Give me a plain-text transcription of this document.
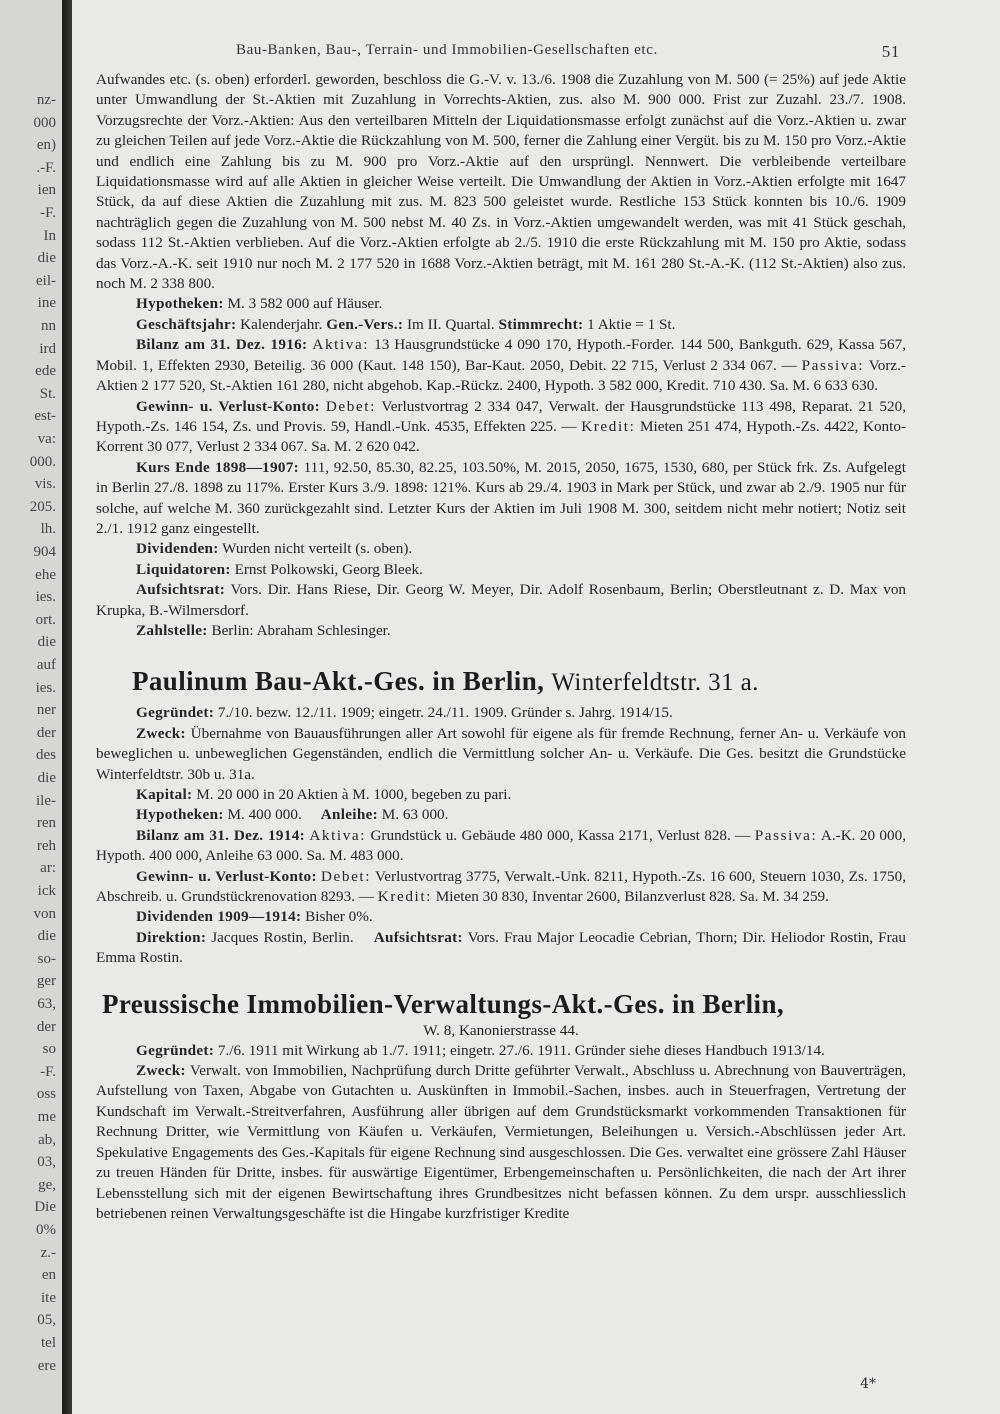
nz-
000
en)
.-F.
ien
-F.
In
die
eil-
ine
nn
ird
ede
St.
est-
va:
000.
vis.
205.
lh.
904
ehe
ies.
ort.
die
auf
ies.
ner
der
des
die
ile-
ren
reh
ar:
ick
von
die
so-
ger
63,
der
so
-F.
oss
me
ab,
03,
ge,
Die
0%
z.-
en
ite
05,
tel
ere
Bau-Banken, Bau-, Terrain- und Immobilien-Gesellschaften etc.	51

Aufwandes etc. (s. oben) erforderl. geworden, beschloss die G.-V. v. 13./6. 1908 die Zuzahlung von M. 500 (= 25%) auf jede Aktie unter Umwandlung der St.-Aktien mit Zuzahlung in Vorrechts-Aktien, zus. also M. 900 000. Frist zur Zuzahl. 23./7. 1908. Vorzugsrechte der Vorz.-Aktien: Aus den verteilbaren Mitteln der Liquidationsmasse erfolgt zunächst auf die Vorz.-Aktien u. zwar zu gleichen Teilen auf jede Vorz.-Aktie die Rückzahlung von M. 500, ferner die Zahlung einer Vergüt. bis zu M. 150 pro Vorz.-Aktie und endlich eine Zahlung bis zu M. 900 pro Vorz.-Aktie auf den ursprüngl. Nennwert. Die verbleibende verteilbare Liquidationsmasse wird auf alle Aktien in gleicher Weise verteilt. Die Umwandlung der Aktien in Vorz.-Aktien erfolgte mit 1647 Stück, da auf diese Aktien die Zuzahlung mit zus. M. 823 500 geleistet wurde. Restliche 153 Stück konnten bis 10./6. 1909 nachträglich gegen die Zuzahlung von M. 500 nebst M. 40 Zs. in Vorz.-Aktien umgewandelt werden, was mit 41 Stück geschah, sodass 112 St.-Aktien verblieben. Auf die Vorz.-Aktien erfolgte ab 2./5. 1910 die erste Rückzahlung mit M. 150 pro Aktie, sodass das Vorz.-A.-K. seit 1910 nur noch M. 2 177 520 in 1688 Vorz.-Aktien beträgt, mit M. 161 280 St.-A.-K. (112 St.-Aktien) also zus. noch M. 2 338 800.

Hypotheken: M. 3 582 000 auf Häuser.

Geschäftsjahr: Kalenderjahr. Gen.-Vers.: Im II. Quartal. Stimmrecht: 1 Aktie = 1 St.

Bilanz am 31. Dez. 1916: Aktiva: 13 Hausgrundstücke 4 090 170, Hypoth.-Forder. 144 500, Bankguth. 629, Kassa 567, Mobil. 1, Effekten 2930, Beteilig. 36 000 (Kaut. 148 150), Bar-Kaut. 2050, Debit. 22 715, Verlust 2 334 067. — Passiva: Vorz.-Aktien 2 177 520, St.-Aktien 161 280, nicht abgehob. Kap.-Rückz. 2400, Hypoth. 3 582 000, Kredit. 710 430. Sa. M. 6 633 630.

Gewinn- u. Verlust-Konto: Debet: Verlustvortrag 2 334 047, Verwalt. der Hausgrundstücke 113 498, Reparat. 21 520, Hypoth.-Zs. 146 154, Zs. und Provis. 59, Handl.-Unk. 4535, Effekten 225. — Kredit: Mieten 251 474, Hypoth.-Zs. 4422, Konto-Korrent 30 077, Verlust 2 334 067. Sa. M. 2 620 042.

Kurs Ende 1898—1907: 111, 92.50, 85.30, 82.25, 103.50%, M. 2015, 2050, 1675, 1530, 680, per Stück frk. Zs. Aufgelegt in Berlin 27./8. 1898 zu 117%. Erster Kurs 3./9. 1898: 121%. Kurs ab 29./4. 1903 in Mark per Stück, und zwar ab 2./9. 1905 nur für solche, auf welche M. 360 zurückgezahlt sind. Letzter Kurs der Aktien im Juli 1908 M. 300, seitdem nicht mehr notiert; Notiz seit 2./1. 1912 ganz eingestellt.

Dividenden: Wurden nicht verteilt (s. oben).

Liquidatoren: Ernst Polkowski, Georg Bleek.

Aufsichtsrat: Vors. Dir. Hans Riese, Dir. Georg W. Meyer, Dir. Adolf Rosenbaum, Berlin; Oberstleutnant z. D. Max von Krupka, B.-Wilmersdorf.

Zahlstelle: Berlin: Abraham Schlesinger.

Paulinum Bau-Akt.-Ges. in Berlin, Winterfeldtstr. 31 a.

Gegründet: 7./10. bezw. 12./11. 1909; eingetr. 24./11. 1909. Gründer s. Jahrg. 1914/15.

Zweck: Übernahme von Bauausführungen aller Art sowohl für eigene als für fremde Rechnung, ferner An- u. Verkäufe von beweglichen u. unbeweglichen Gegenständen, endlich die Vermittlung solcher An- u. Verkäufe. Die Ges. besitzt die Grundstücke Winterfeldtstr. 30b u. 31a.

Kapital: M. 20 000 in 20 Aktien à M. 1000, begeben zu pari.

Hypotheken: M. 400 000. Anleihe: M. 63 000.

Bilanz am 31. Dez. 1914: Aktiva: Grundstück u. Gebäude 480 000, Kassa 2171, Verlust 828. — Passiva: A.-K. 20 000, Hypoth. 400 000, Anleihe 63 000. Sa. M. 483 000.

Gewinn- u. Verlust-Konto: Debet: Verlustvortrag 3775, Verwalt.-Unk. 8211, Hypoth.-Zs. 16 600, Steuern 1030, Zs. 1750, Abschreib. u. Grundstückrenovation 8293. — Kredit: Mieten 30 830, Inventar 2600, Bilanzverlust 828. Sa. M. 34 259.

Dividenden 1909—1914: Bisher 0%.

Direktion: Jacques Rostin, Berlin. Aufsichtsrat: Vors. Frau Major Leocadie Cebrian, Thorn; Dir. Heliodor Rostin, Frau Emma Rostin.

Preussische Immobilien-Verwaltungs-Akt.-Ges. in Berlin,
W. 8, Kanonierstrasse 44.

Gegründet: 7./6. 1911 mit Wirkung ab 1./7. 1911; eingetr. 27./6. 1911. Gründer siehe dieses Handbuch 1913/14.

Zweck: Verwalt. von Immobilien, Nachprüfung durch Dritte geführter Verwalt., Abschluss u. Abrechnung von Bauverträgen, Aufstellung von Taxen, Abgabe von Gutachten u. Auskünften in Immobil.-Sachen, insbes. auch in Steuerfragen, Vertretung der Kundschaft im Verwalt.-Streitverfahren, Ausführung aller übrigen auf dem Grundstücksmarkt vorkommenden Transaktionen für Rechnung Dritter, wie Vermittlung von Käufen u. Verkäufen, Vermietungen, Beleihungen u. Versich.-Abschlüssen jeder Art. Spekulative Engagements des Ges.-Kapitals für eigene Rechnung sind ausgeschlossen. Die Ges. verwaltet eine grössere Zahl Häuser zu treuen Händen für Dritte, insbes. für auswärtige Eigentümer, Erbengemeinschaften u. Persönlichkeiten, die nach der Art ihrer Lebensstellung sich mit der eigenen Bewirtschaftung ihres Grundbesitzes nicht befassen können. Zu dem urspr. ausschliesslich betriebenen reinen Verwaltungsgeschäfte ist die Hingabe kurzfristiger Kredite

4*
